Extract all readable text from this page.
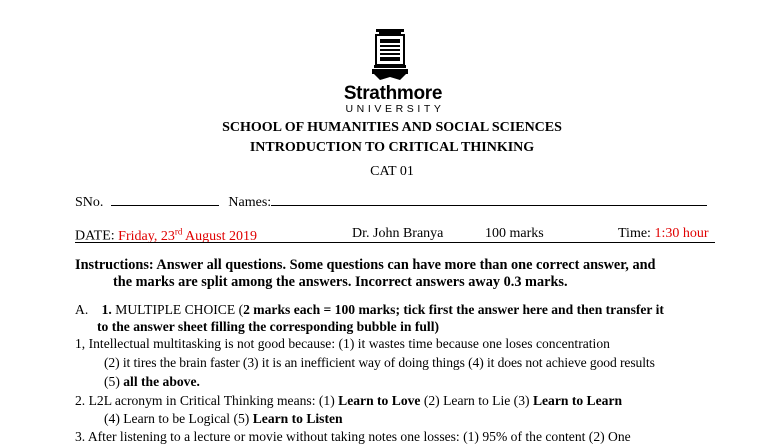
Strathmore
UNIVERSITY
SCHOOL OF HUMANITIES AND SOCIAL SCIENCES
INTRODUCTION TO CRITICAL THINKING
CAT 01
SNo.	Names:
DATE: Friday, 23rd August 2019	Dr. John Branya	100 marks	Time: 1:30 hour
Instructions: Answer all questions. Some questions can have more than one correct answer, and
the marks are split among the answers. Incorrect answers away 0.3 marks.
A. 1. MULTIPLE CHOICE (2 marks each = 100 marks; tick first the answer here and then transfer it
to the answer sheet filling the corresponding bubble in full)
1, Intellectual multitasking is not good because: (1) it wastes time because one loses concentration
(2) it tires the brain faster (3) it is an inefficient way of doing things (4) it does not achieve good results
(5) all the above.
2. L2L acronym in Critical Thinking means: (1) Learn to Love (2) Learn to Lie (3) Learn to Learn
(4) Learn to be Logical (5) Learn to Listen
3. After listening to a lecture or movie without taking notes one losses: (1) 95% of the content (2) One
